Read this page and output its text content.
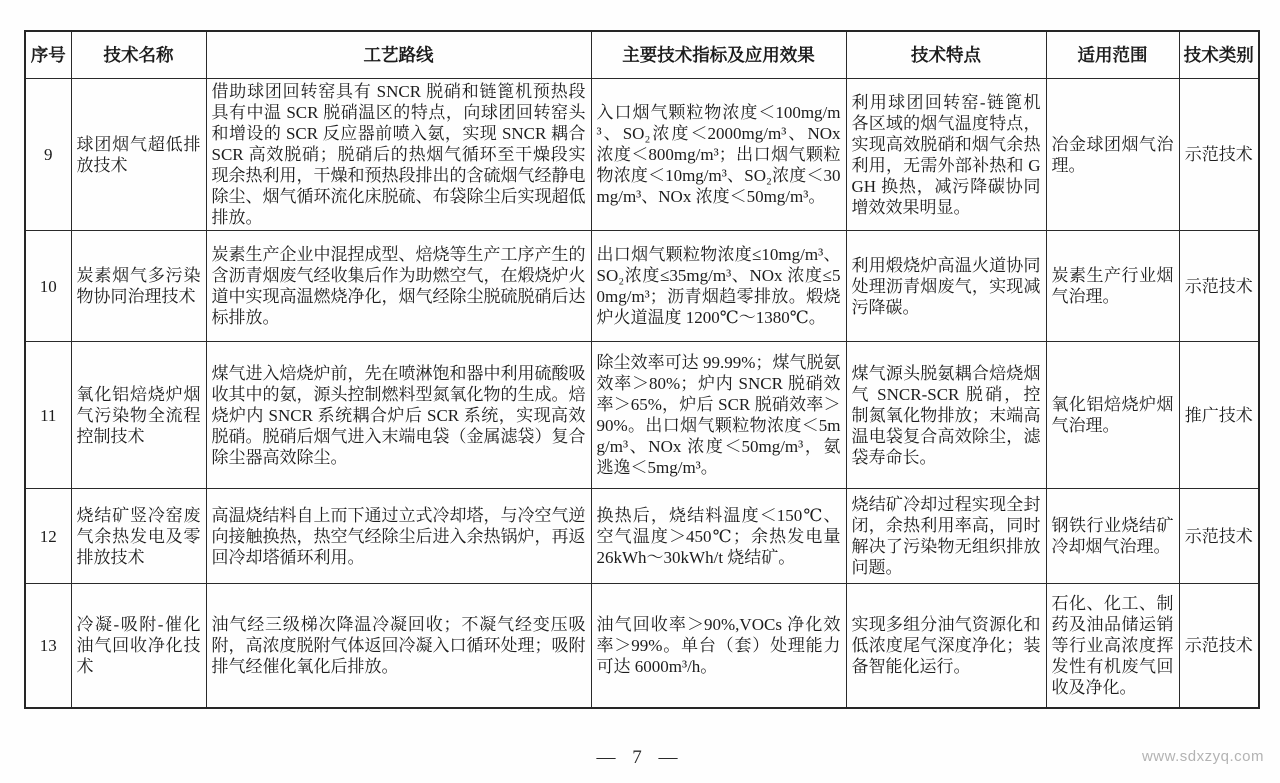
序号	技术名称	工艺路线	主要技术指标及应用效果	技术特点	适用范围	技术类别
9	球团烟气超低排放技术	借助球团回转窑具有 SNCR 脱硝和链篦机预热段具有中温 SCR 脱硝温区的特点，向球团回转窑头和增设的 SCR 反应器前喷入氨，实现 SNCR 耦合 SCR 高效脱硝；脱硝后的热烟气循环至干燥段实现余热利用，干燥和预热段排出的含硫烟气经静电除尘、烟气循环流化床脱硫、布袋除尘后实现超低排放。	入口烟气颗粒物浓度＜100mg/m³、SO₂浓度＜2000mg/m³、NOx 浓度＜800mg/m³；出口烟气颗粒物浓度＜10mg/m³、SO₂浓度＜30mg/m³、NOx 浓度＜50mg/m³。	利用球团回转窑-链篦机各区域的烟气温度特点，实现高效脱硝和烟气余热利用，无需外部补热和 GGH 换热，减污降碳协同增效效果明显。	冶金球团烟气治理。	示范技术
10	炭素烟气多污染物协同治理技术	炭素生产企业中混捏成型、焙烧等生产工序产生的含沥青烟废气经收集后作为助燃空气，在煅烧炉火道中实现高温燃烧净化，烟气经除尘脱硫脱硝后达标排放。	出口烟气颗粒物浓度≤10mg/m³、SO₂浓度≤35mg/m³、NOx 浓度≤50mg/m³；沥青烟趋零排放。煅烧炉火道温度 1200℃～1380℃。	利用煅烧炉高温火道协同处理沥青烟废气，实现减污降碳。	炭素生产行业烟气治理。	示范技术
11	氧化铝焙烧炉烟气污染物全流程控制技术	煤气进入焙烧炉前，先在喷淋饱和器中利用硫酸吸收其中的氨，源头控制燃料型氮氧化物的生成。焙烧炉内 SNCR 系统耦合炉后 SCR 系统，实现高效脱硝。脱硝后烟气进入末端电袋（金属滤袋）复合除尘器高效除尘。	除尘效率可达 99.99%；煤气脱氨效率＞80%；炉内 SNCR 脱硝效率＞65%，炉后 SCR 脱硝效率＞90%。出口烟气颗粒物浓度＜5mg/m³、NOx 浓度＜50mg/m³，氨逃逸＜5mg/m³。	煤气源头脱氨耦合焙烧烟气 SNCR-SCR 脱硝，控制氮氧化物排放；末端高温电袋复合高效除尘，滤袋寿命长。	氧化铝焙烧炉烟气治理。	推广技术
12	烧结矿竖冷窑废气余热发电及零排放技术	高温烧结料自上而下通过立式冷却塔，与冷空气逆向接触换热，热空气经除尘后进入余热锅炉，再返回冷却塔循环利用。	换热后，烧结料温度＜150℃、空气温度＞450℃；余热发电量 26kWh～30kWh/t 烧结矿。	烧结矿冷却过程实现全封闭，余热利用率高，同时解决了污染物无组织排放问题。	钢铁行业烧结矿冷却烟气治理。	示范技术
13	冷凝-吸附-催化油气回收净化技术	油气经三级梯次降温冷凝回收；不凝气经变压吸附，高浓度脱附气体返回冷凝入口循环处理；吸附排气经催化氧化后排放。	油气回收率＞90%,VOCs 净化效率＞99%。单台（套）处理能力可达 6000m³/h。	实现多组分油气资源化和低浓度尾气深度净化；装备智能化运行。	石化、化工、制药及油品储运销等行业高浓度挥发性有机废气回收及净化。	示范技术
— 7 —	www.sdxzyq.com
